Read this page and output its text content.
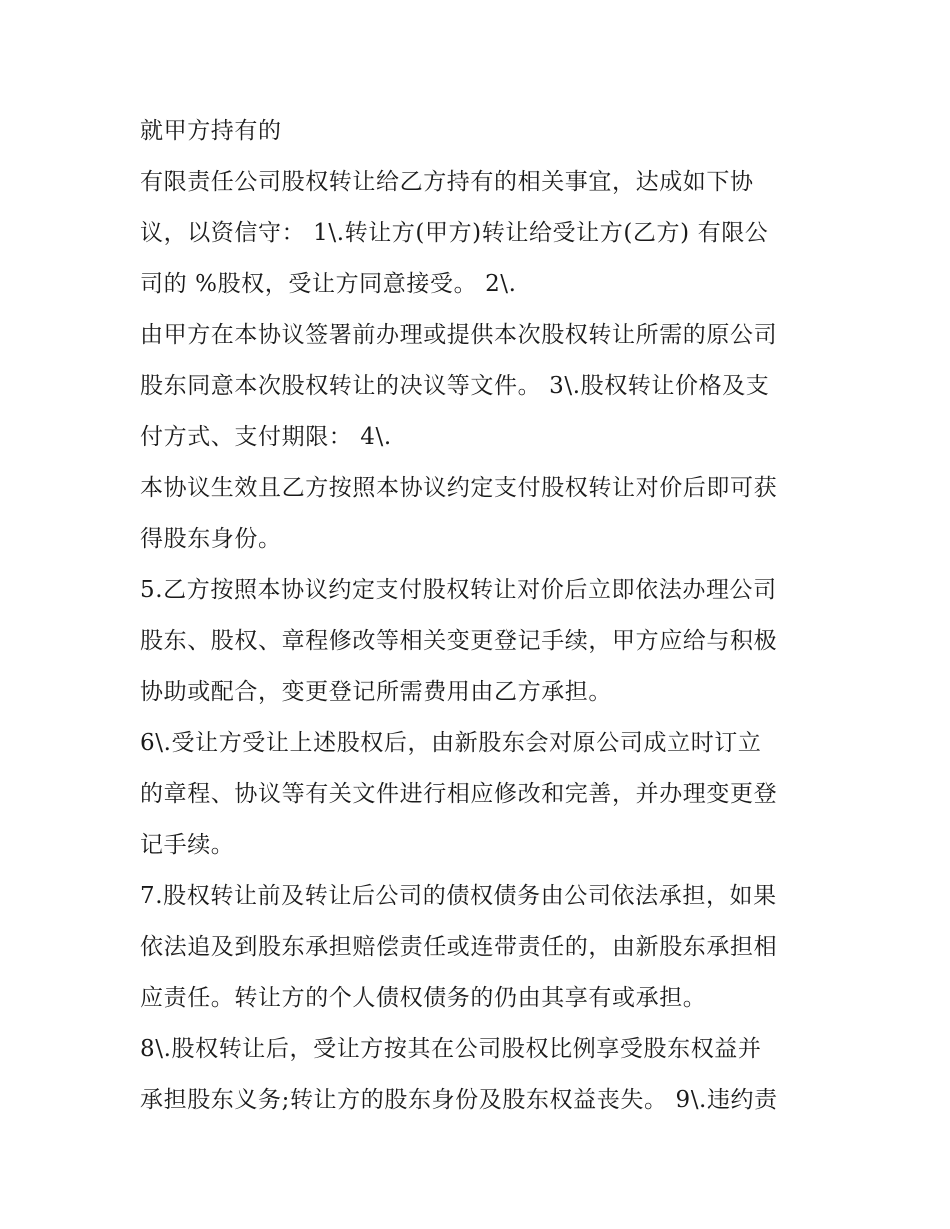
就甲方持有的
有限责任公司股权转让给乙方持有的相关事宜，达成如下协
议，以资信守： 1\.转让方(甲方)转让给受让方(乙方) 有限公
司的 %股权，受让方同意接受。 2\.
由甲方在本协议签署前办理或提供本次股权转让所需的原公司
股东同意本次股权转让的决议等文件。 3\.股权转让价格及支
付方式、支付期限： 4\.
本协议生效且乙方按照本协议约定支付股权转让对价后即可获
得股东身份。
5.乙方按照本协议约定支付股权转让对价后立即依法办理公司
股东、股权、章程修改等相关变更登记手续，甲方应给与积极
协助或配合，变更登记所需费用由乙方承担。
6\.受让方受让上述股权后，由新股东会对原公司成立时订立
的章程、协议等有关文件进行相应修改和完善，并办理变更登
记手续。
7.股权转让前及转让后公司的债权债务由公司依法承担，如果
依法追及到股东承担赔偿责任或连带责任的，由新股东承担相
应责任。转让方的个人债权债务的仍由其享有或承担。
8\.股权转让后，受让方按其在公司股权比例享受股东权益并
承担股东义务;转让方的股东身份及股东权益丧失。 9\.违约责
